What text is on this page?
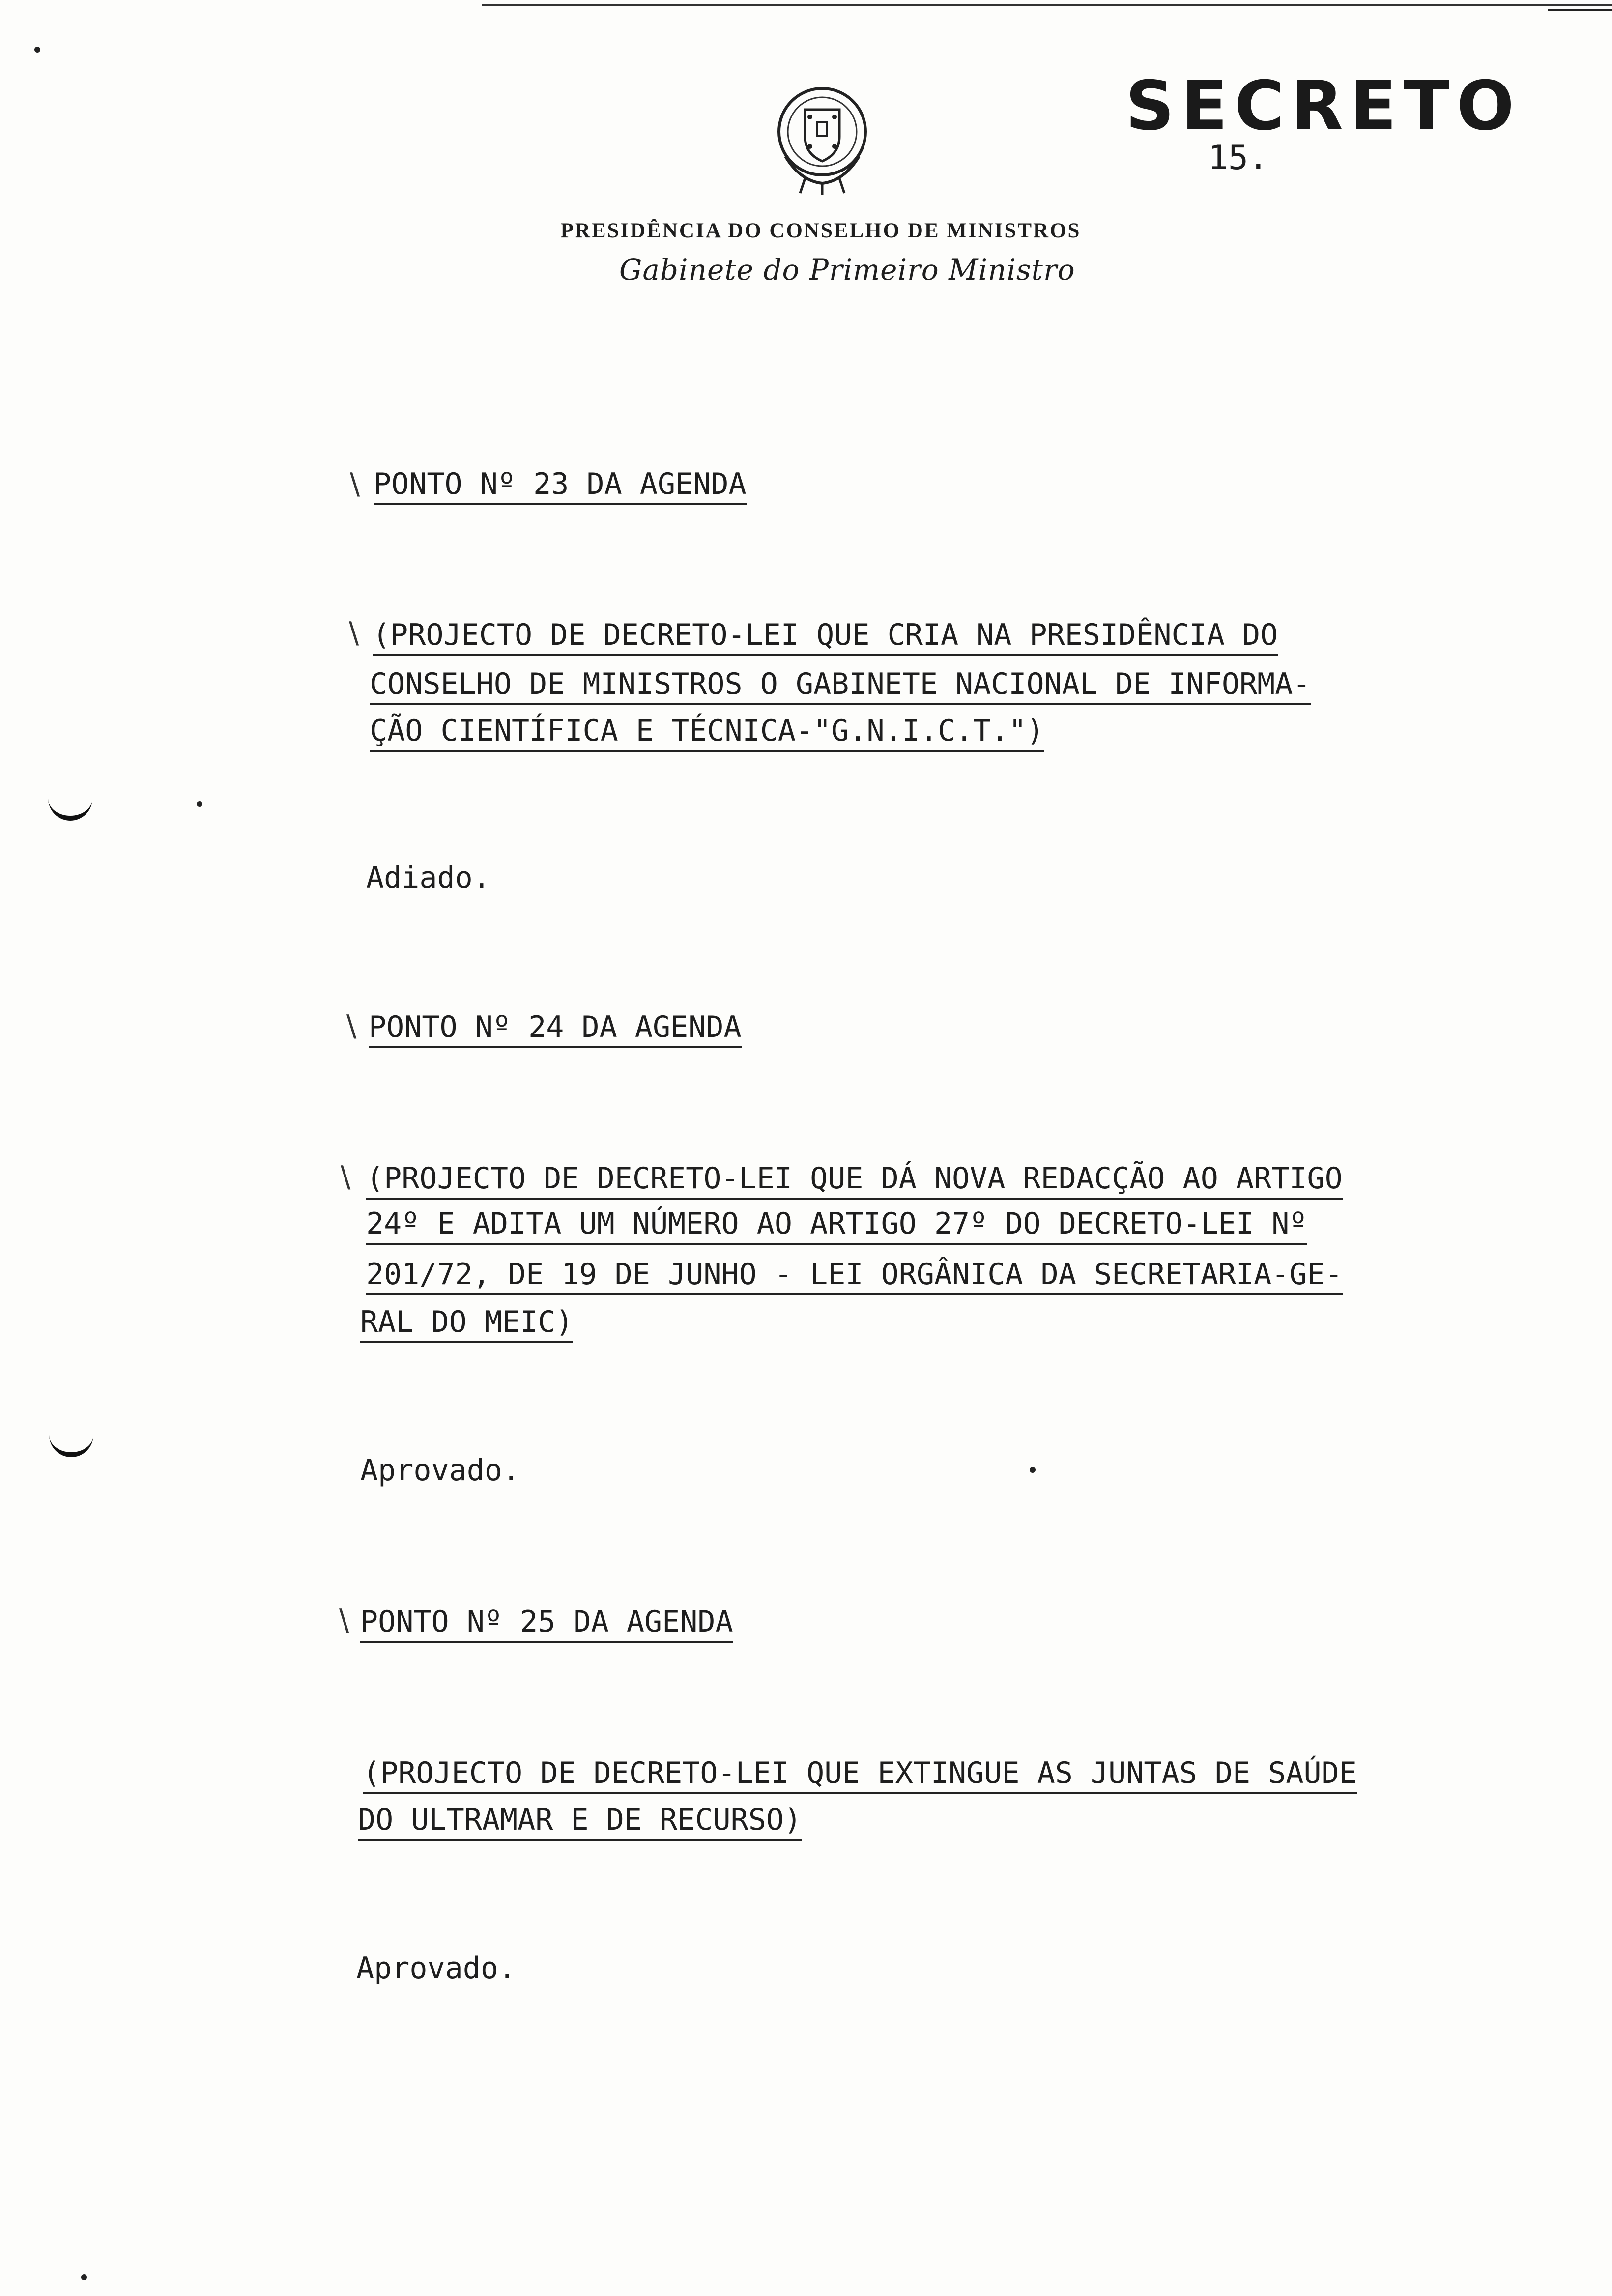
SECRETO
15.
PRESIDÊNCIA DO CONSELHO DE MINISTROS
Gabinete do Primeiro Ministro
\ PONTO Nº 23 DA AGENDA
\ (PROJECTO DE DECRETO-LEI QUE CRIA NA PRESIDÊNCIA DO
CONSELHO DE MINISTROS O GABINETE NACIONAL DE INFORMA-
ÇÃO CIENTÍFICA E TÉCNICA-"G.N.I.C.T.")
Adiado.
\ PONTO Nº 24 DA AGENDA
\ (PROJECTO DE DECRETO-LEI QUE DÁ NOVA REDACÇÃO AO ARTIGO
24º E ADITA UM NÚMERO AO ARTIGO 27º DO DECRETO-LEI Nº
201/72, DE 19 DE JUNHO - LEI ORGÂNICA DA SECRETARIA-GE-
RAL DO MEIC)
Aprovado.
\ PONTO Nº 25 DA AGENDA
(PROJECTO DE DECRETO-LEI QUE EXTINGUE AS JUNTAS DE SAÚDE
DO ULTRAMAR E DE RECURSO)
Aprovado.
